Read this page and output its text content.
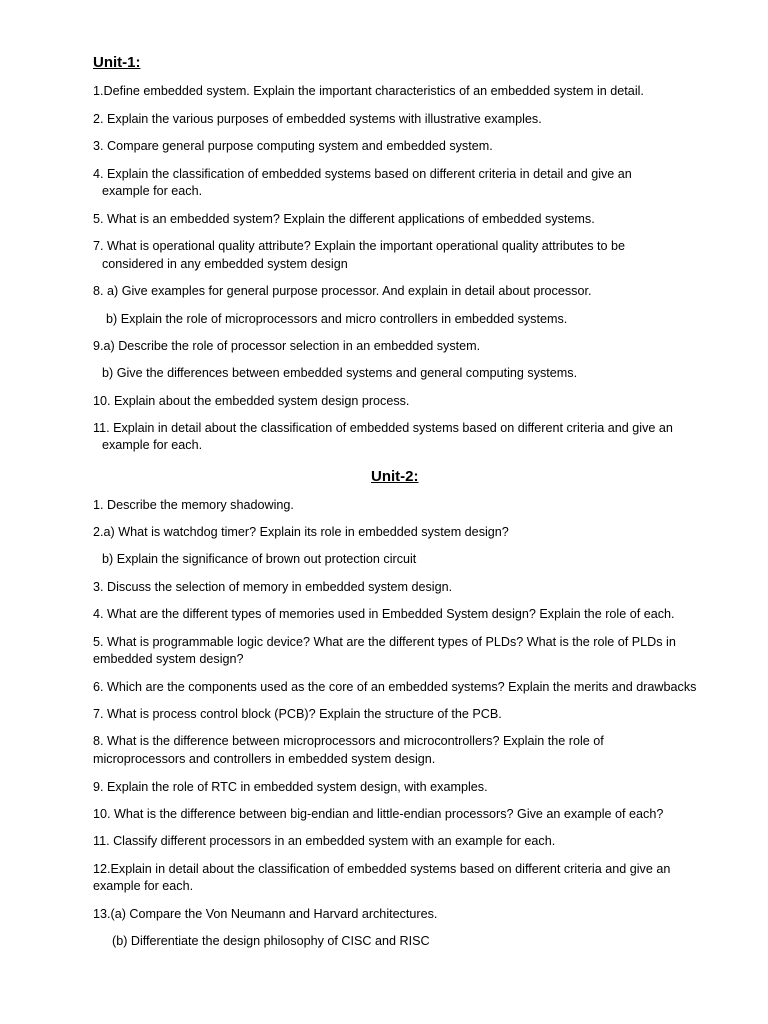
Unit-1:
1.Define embedded system. Explain the important characteristics of an embedded system in detail.
2. Explain the various purposes of embedded systems with illustrative examples.
3. Compare general purpose computing system and embedded system.
4. Explain the classification of embedded systems based on different criteria in detail and give an
example for each.
5. What is an embedded system? Explain the different applications of embedded systems.
7. What is operational quality attribute? Explain the important operational quality attributes to be
considered in any embedded system design
8. a) Give examples for general purpose processor. And explain in detail about processor.
b) Explain the role of microprocessors and micro controllers in embedded systems.
9.a) Describe the role of processor selection in an embedded system.
b) Give the differences between embedded systems and general computing systems.
10. Explain about the embedded system design process.
11. Explain in detail about the classification of embedded systems based on different criteria and give an
example for each.
Unit-2:
1. Describe the memory shadowing.
2.a) What is watchdog timer? Explain its role in embedded system design?
b) Explain the significance of brown out protection circuit
3. Discuss the selection of memory in embedded system design.
4. What are the different types of memories used in Embedded System design? Explain the role of each.
5. What is programmable logic device? What are the different types of PLDs? What is the role of PLDs in
embedded system design?
6. Which are the components used as the core of an embedded systems? Explain the merits and drawbacks
7. What is process control block (PCB)? Explain the structure of the PCB.
8. What is the difference between microprocessors and microcontrollers? Explain the role of
microprocessors and controllers in embedded system design.
9. Explain the role of RTC in embedded system design, with examples.
10. What is the difference between big-endian and little-endian processors? Give an example of each?
11. Classify different processors in an embedded system with an example for each.
12.Explain in detail about the classification of embedded systems based on different criteria and give an
example for each.
13.(a) Compare the Von Neumann and Harvard architectures.
(b) Differentiate the design philosophy of CISC and RISC
